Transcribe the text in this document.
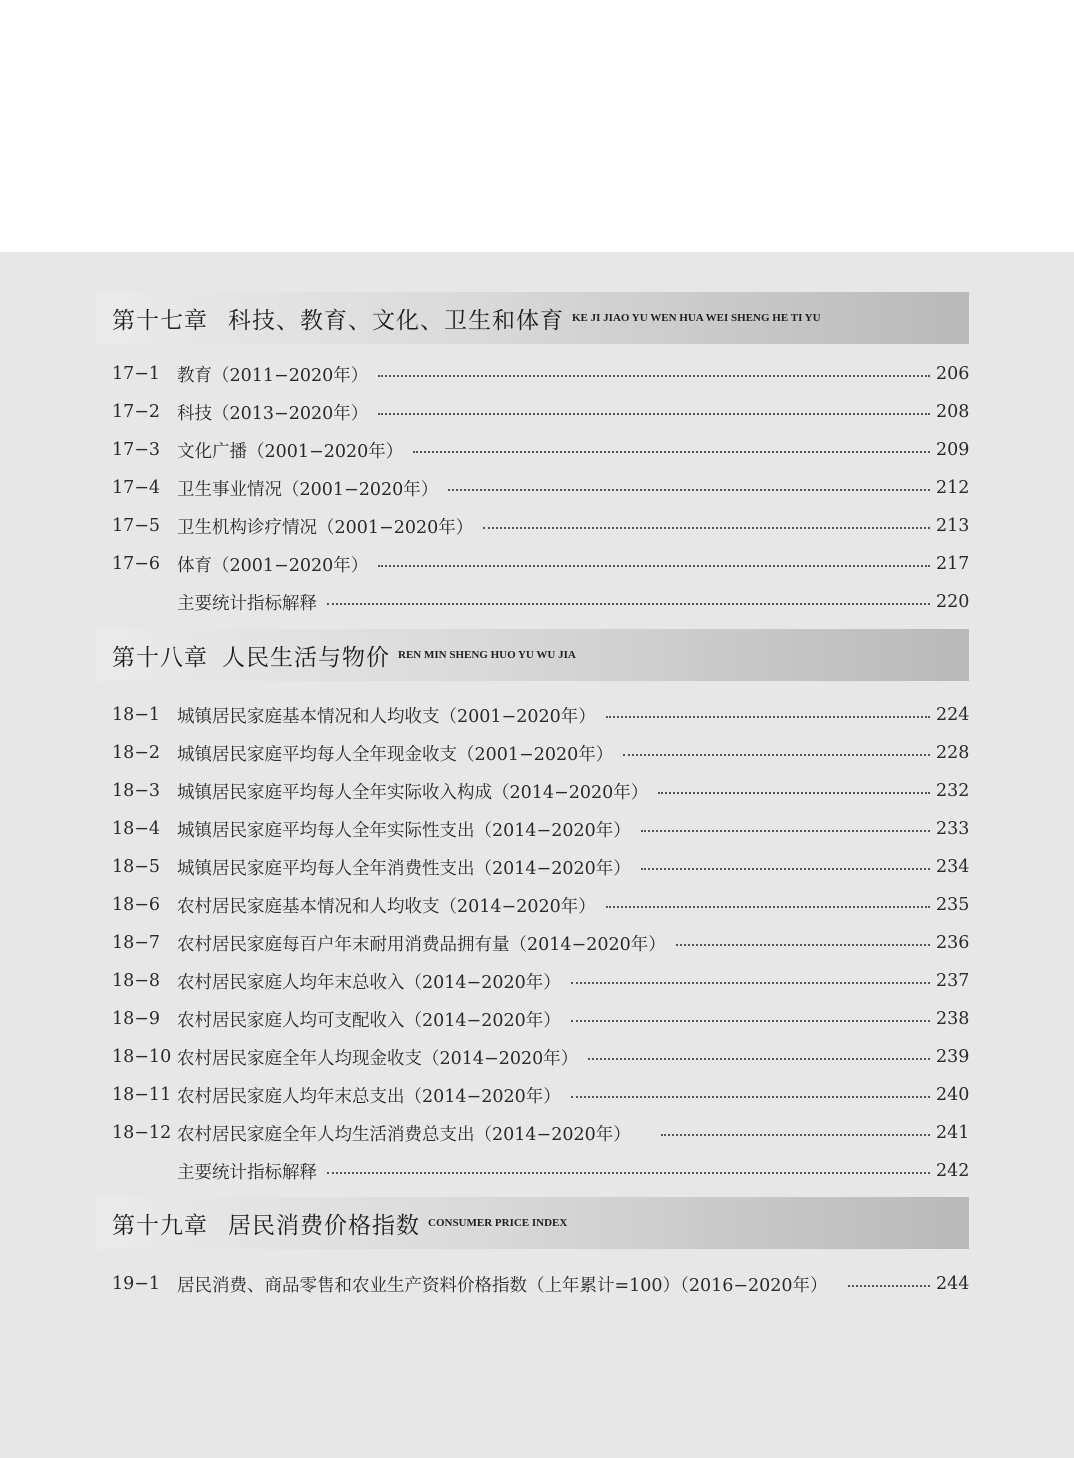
第十七章 科技、教育、文化、卫生和体育 KE JI JIAO YU WEN HUA WEI SHENG HE TI YU
17−1 教育（2011−2020年）	206
17−2 科技（2013−2020年）	208
17−3 文化广播（2001−2020年）	209
17−4 卫生事业情况（2001−2020年）	212
17−5 卫生机构诊疗情况（2001−2020年）	213
17−6 体育（2001−2020年）	217
主要统计指标解释	220
第十八章 人民生活与物价 REN MIN SHENG HUO YU WU JIA
18−1 城镇居民家庭基本情况和人均收支（2001−2020年）	224
18−2 城镇居民家庭平均每人全年现金收支（2001−2020年）	228
18−3 城镇居民家庭平均每人全年实际收入构成（2014−2020年）	232
18−4 城镇居民家庭平均每人全年实际性支出（2014−2020年）	233
18−5 城镇居民家庭平均每人全年消费性支出（2014−2020年）	234
18−6 农村居民家庭基本情况和人均收支（2014−2020年）	235
18−7 农村居民家庭每百户年末耐用消费品拥有量（2014−2020年）	236
18−8 农村居民家庭人均年末总收入（2014−2020年）	237
18−9 农村居民家庭人均可支配收入（2014−2020年）	238
18−10 农村居民家庭全年人均现金收支（2014−2020年）	239
18−11 农村居民家庭人均年末总支出（2014−2020年）	240
18−12 农村居民家庭全年人均生活消费总支出（2014−2020年）	241
主要统计指标解释	242
第十九章 居民消费价格指数 CONSUMER PRICE INDEX
19−1 居民消费、商品零售和农业生产资料价格指数（上年累计=100）（2016−2020年）	244
